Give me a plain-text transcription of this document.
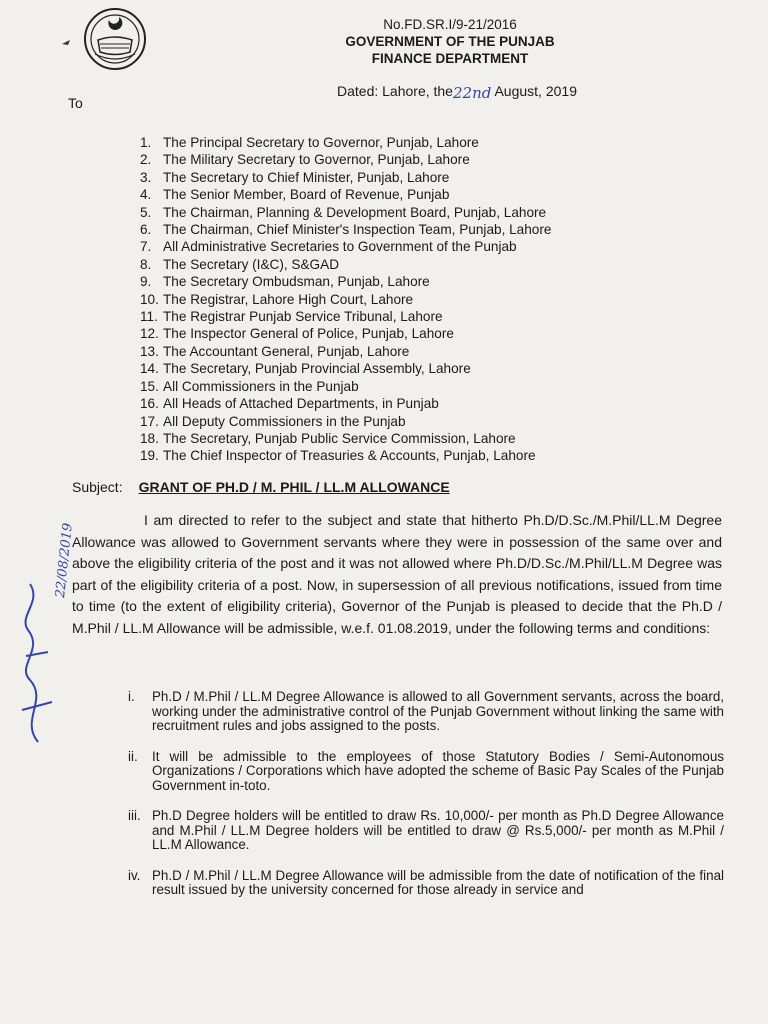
No.FD.SR.I/9-21/2016
GOVERNMENT OF THE PUNJAB
FINANCE DEPARTMENT
To
Dated: Lahore, the22nd August, 2019
1. The Principal Secretary to Governor, Punjab, Lahore
2. The Military Secretary to Governor, Punjab, Lahore
3. The Secretary to Chief Minister, Punjab, Lahore
4. The Senior Member, Board of Revenue, Punjab
5. The Chairman, Planning & Development Board, Punjab, Lahore
6. The Chairman, Chief Minister's Inspection Team, Punjab, Lahore
7. All Administrative Secretaries to Government of the Punjab
8. The Secretary (I&C), S&GAD
9. The Secretary Ombudsman, Punjab, Lahore
10. The Registrar, Lahore High Court, Lahore
11. The Registrar Punjab Service Tribunal, Lahore
12. The Inspector General of Police, Punjab, Lahore
13. The Accountant General, Punjab, Lahore
14. The Secretary, Punjab Provincial Assembly, Lahore
15. All Commissioners in the Punjab
16. All Heads of Attached Departments, in Punjab
17. All Deputy Commissioners in the Punjab
18. The Secretary, Punjab Public Service Commission, Lahore
19. The Chief Inspector of Treasuries & Accounts, Punjab, Lahore
Subject: GRANT OF PH.D / M. PHIL / LL.M ALLOWANCE
22/08/2019
I am directed to refer to the subject and state that hitherto Ph.D/D.Sc./M.Phil/LL.M Degree Allowance was allowed to Government servants where they were in possession of the same over and above the eligibility criteria of the post and it was not allowed where Ph.D/D.Sc./M.Phil/LL.M Degree was part of the eligibility criteria of a post. Now, in supersession of all previous notifications, issued from time to time (to the extent of eligibility criteria), Governor of the Punjab is pleased to decide that the Ph.D / M.Phil / LL.M Allowance will be admissible, w.e.f. 01.08.2019, under the following terms and conditions:
i.	Ph.D / M.Phil / LL.M Degree Allowance is allowed to all Government servants, across the board, working under the administrative control of the Punjab Government without linking the same with recruitment rules and jobs assigned to the posts.
ii.	It will be admissible to the employees of those Statutory Bodies / Semi-Autonomous Organizations / Corporations which have adopted the scheme of Basic Pay Scales of the Punjab Government in-toto.
iii. Ph.D Degree holders will be entitled to draw Rs. 10,000/- per month as Ph.D Degree Allowance and M.Phil / LL.M Degree holders will be entitled to draw @ Rs.5,000/- per month as M.Phil / LL.M Allowance.
iv. Ph.D / M.Phil / LL.M Degree Allowance will be admissible from the date of notification of the final result issued by the university concerned for those already in service and
